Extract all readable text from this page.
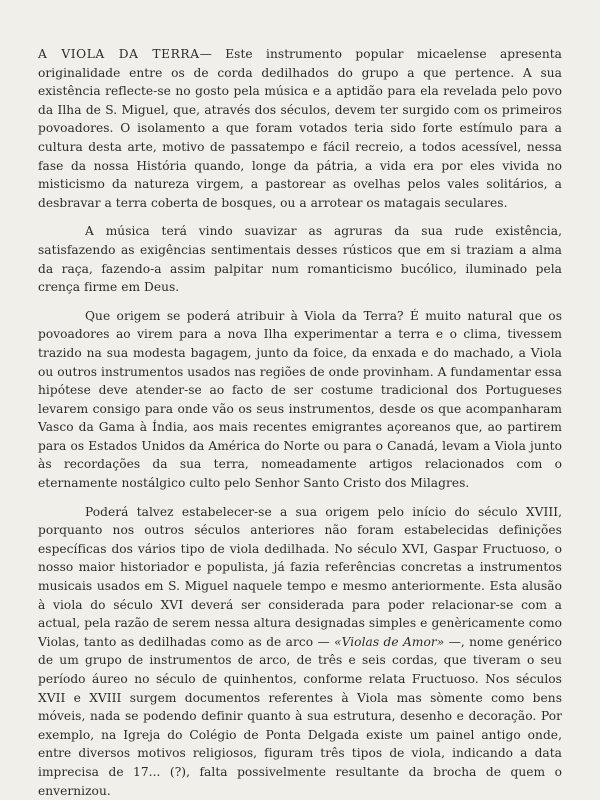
A VIOLA DA TERRA— Este instrumento popular micaelense apresenta originalidade entre os de corda dedilhados do grupo a que pertence. A sua existência reflecte-se no gosto pela música e a aptidão para ela revelada pelo povo da Ilha de S. Miguel, que, através dos séculos, devem ter surgido com os primeiros povoadores. O isolamento a que foram votados teria sido forte estímulo para a cultura desta arte, motivo de passatempo e fácil recreio, a todos acessível, nessa fase da nossa História quando, longe da pátria, a vida era por eles vivida no misticismo da natureza virgem, a pastorear as ovelhas pelos vales solitários, a desbravar a terra coberta de bosques, ou a arrotear os matagais seculares.

A música terá vindo suavizar as agruras da sua rude existência, satisfazendo as exigências sentimentais desses rústicos que em si traziam a alma da raça, fazendo-a assim palpitar num romanticismo bucólico, iluminado pela crença firme em Deus.

Que origem se poderá atribuir à Viola da Terra? É muito natural que os povoadores ao virem para a nova Ilha experimentar a terra e o clima, tivessem trazido na sua modesta bagagem, junto da foice, da enxada e do machado, a Viola ou outros instrumentos usados nas regiões de onde provinham. A fundamentar essa hipótese deve atender-se ao facto de ser costume tradicional dos Portugueses levarem consigo para onde vão os seus instrumentos, desde os que acompanharam Vasco da Gama à Índia, aos mais recentes emigrantes açoreanos que, ao partirem para os Estados Unidos da América do Norte ou para o Canadá, levam a Viola junto às recordações da sua terra, nomeadamente artigos relacionados com o eternamente nostálgico culto pelo Senhor Santo Cristo dos Milagres.

Poderá talvez estabelecer-se a sua origem pelo início do século XVIII, porquanto nos outros séculos anteriores não foram estabelecidas definições específicas dos vários tipo de viola dedilhada. No século XVI, Gaspar Fructuoso, o nosso maior historiador e populista, já fazia referências concretas a instrumentos musicais usados em S. Miguel naquele tempo e mesmo anteriormente. Esta alusão à viola do século XVI deverá ser considerada para poder relacionar-se com a actual, pela razão de serem nessa altura designadas simples e genèricamente como Violas, tanto as dedilhadas como as de arco — «Violas de Amor» —, nome genérico de um grupo de instrumentos de arco, de três e seis cordas, que tiveram o seu período áureo no século de quinhentos, conforme relata Fructuoso. Nos séculos XVII e XVIII surgem documentos referentes à Viola mas sòmente como bens móveis, nada se podendo definir quanto à sua estrutura, desenho e decoração. Por exemplo, na Igreja do Colégio de Ponta Delgada existe um painel antigo onde, entre diversos motivos religiosos, figuram três tipos de viola, indicando a data imprecisa de 17... (?), falta possivelmente resultante da brocha de quem o envernizou.
